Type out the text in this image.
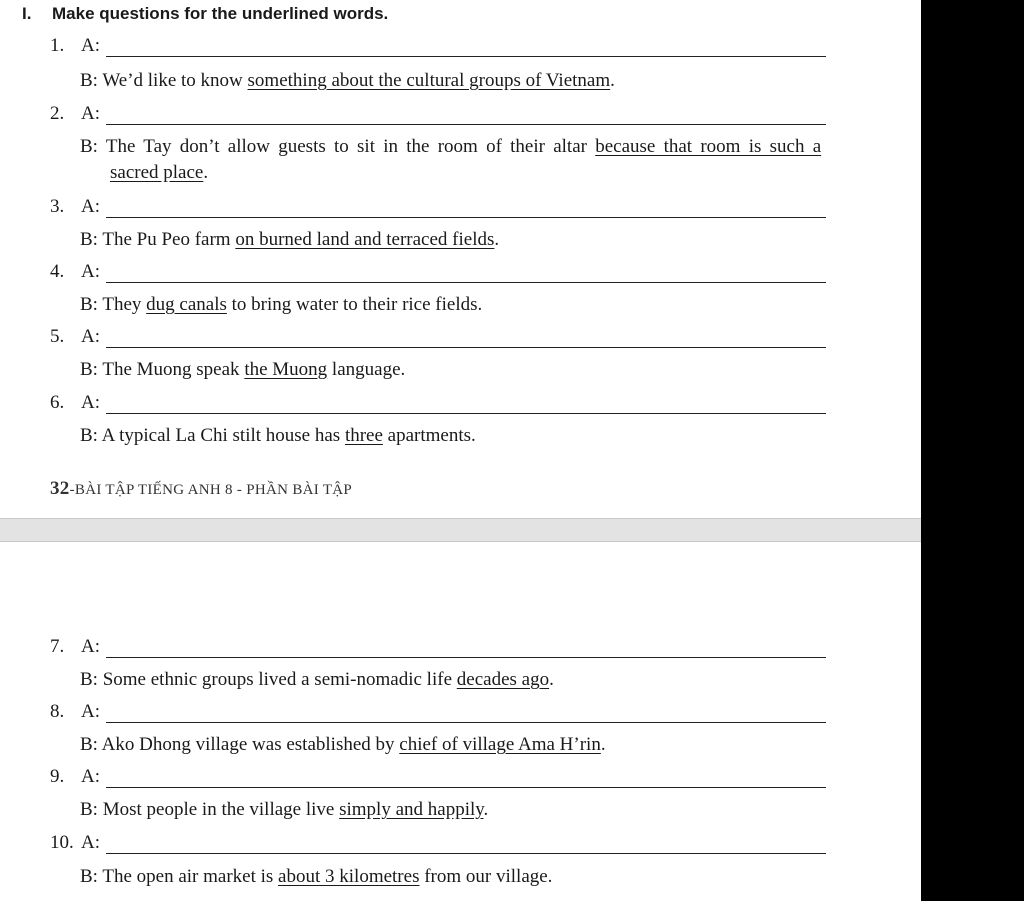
I. Make questions for the underlined words.
1. A:
B: We’d like to know something about the cultural groups of Vietnam.
2. A:
B: The Tay don’t allow guests to sit in the room of their altar because that room is such a
sacred place.
3. A:
B: The Pu Peo farm on burned land and terraced fields.
4. A:
B: They dug canals to bring water to their rice fields.
5. A:
B: The Muong speak the Muong language.
6. A:
B: A typical La Chi stilt house has three apartments.
32-BÀI TẬP TIẾNG ANH 8 - PHẦN BÀI TẬP
7. A:
B: Some ethnic groups lived a semi-nomadic life decades ago.
8. A:
B: Ako Dhong village was established by chief of village Ama H’rin.
9. A:
B: Most people in the village live simply and happily.
10. A:
B: The open air market is about 3 kilometres from our village.
